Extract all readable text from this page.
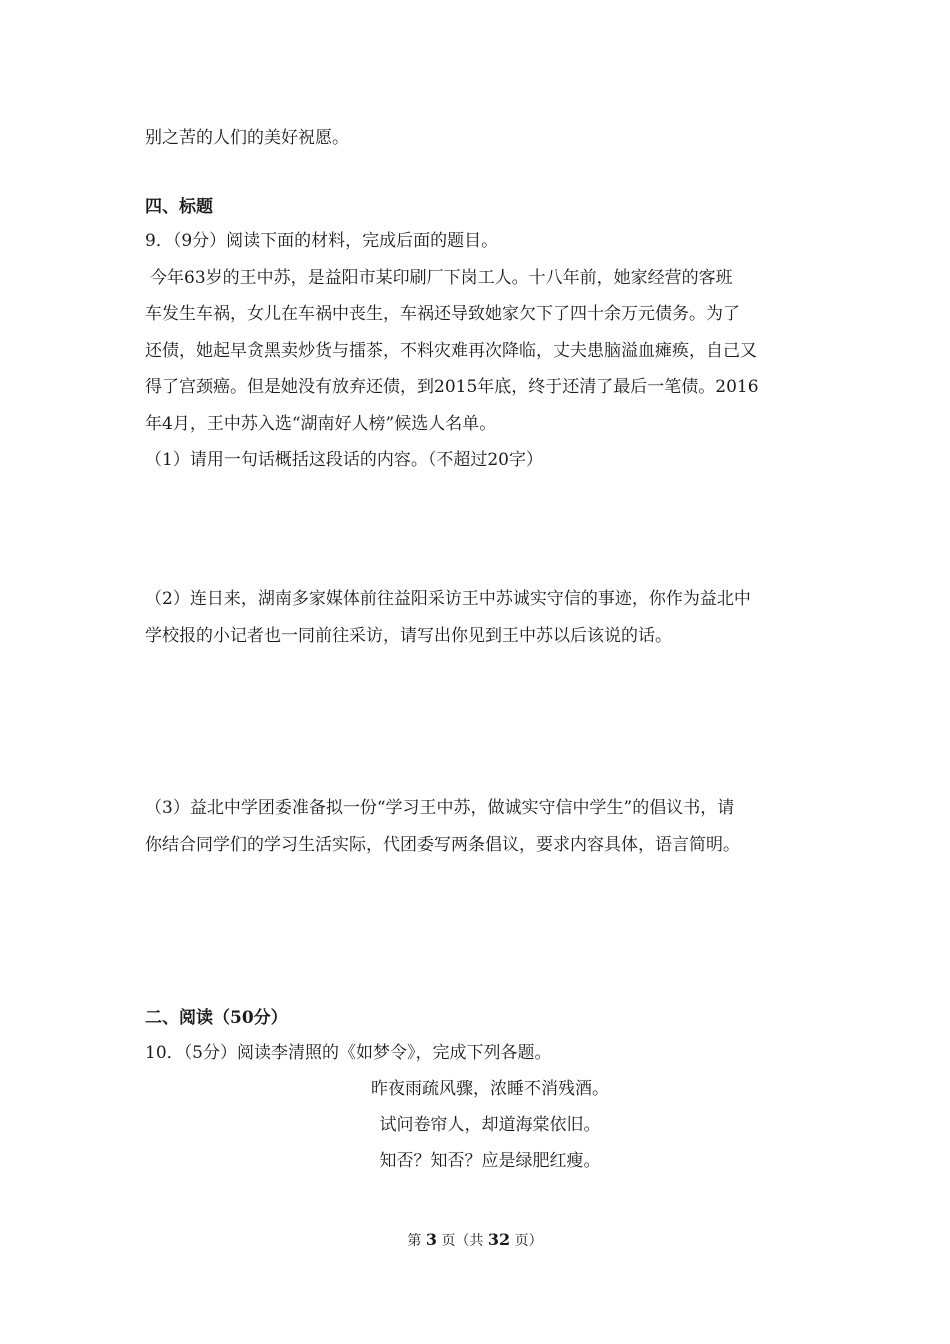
别之苦的人们的美好祝愿。
四、标题
9．（9分）阅读下面的材料，完成后面的题目。
今年63岁的王中苏，是益阳市某印刷厂下岗工人。十八年前，她家经营的客班
车发生车祸，女儿在车祸中丧生，车祸还导致她家欠下了四十余万元债务。为了
还债，她起早贪黑卖炒货与擂茶，不料灾难再次降临，丈夫患脑溢血瘫痪，自己又
得了宫颈癌。但是她没有放弃还债，到2015年底，终于还清了最后一笔债。2016
年4月，王中苏入选“湖南好人榜”候选人名单。
（1）请用一句话概括这段话的内容。（不超过20字）
（2）连日来，湖南多家媒体前往益阳采访王中苏诚实守信的事迹，你作为益北中
学校报的小记者也一同前往采访，请写出你见到王中苏以后该说的话。
（3）益北中学团委准备拟一份“学习王中苏，做诚实守信中学生”的倡议书，请
你结合同学们的学习生活实际，代团委写两条倡议，要求内容具体，语言简明。
二、阅读（50分）
10．（5分）阅读李清照的《如梦令》，完成下列各题。
昨夜雨疏风骤，浓睡不消残酒。
试问卷帘人，却道海棠依旧。
知否？知否？应是绿肥红瘦。
第 3 页（共 32 页）
